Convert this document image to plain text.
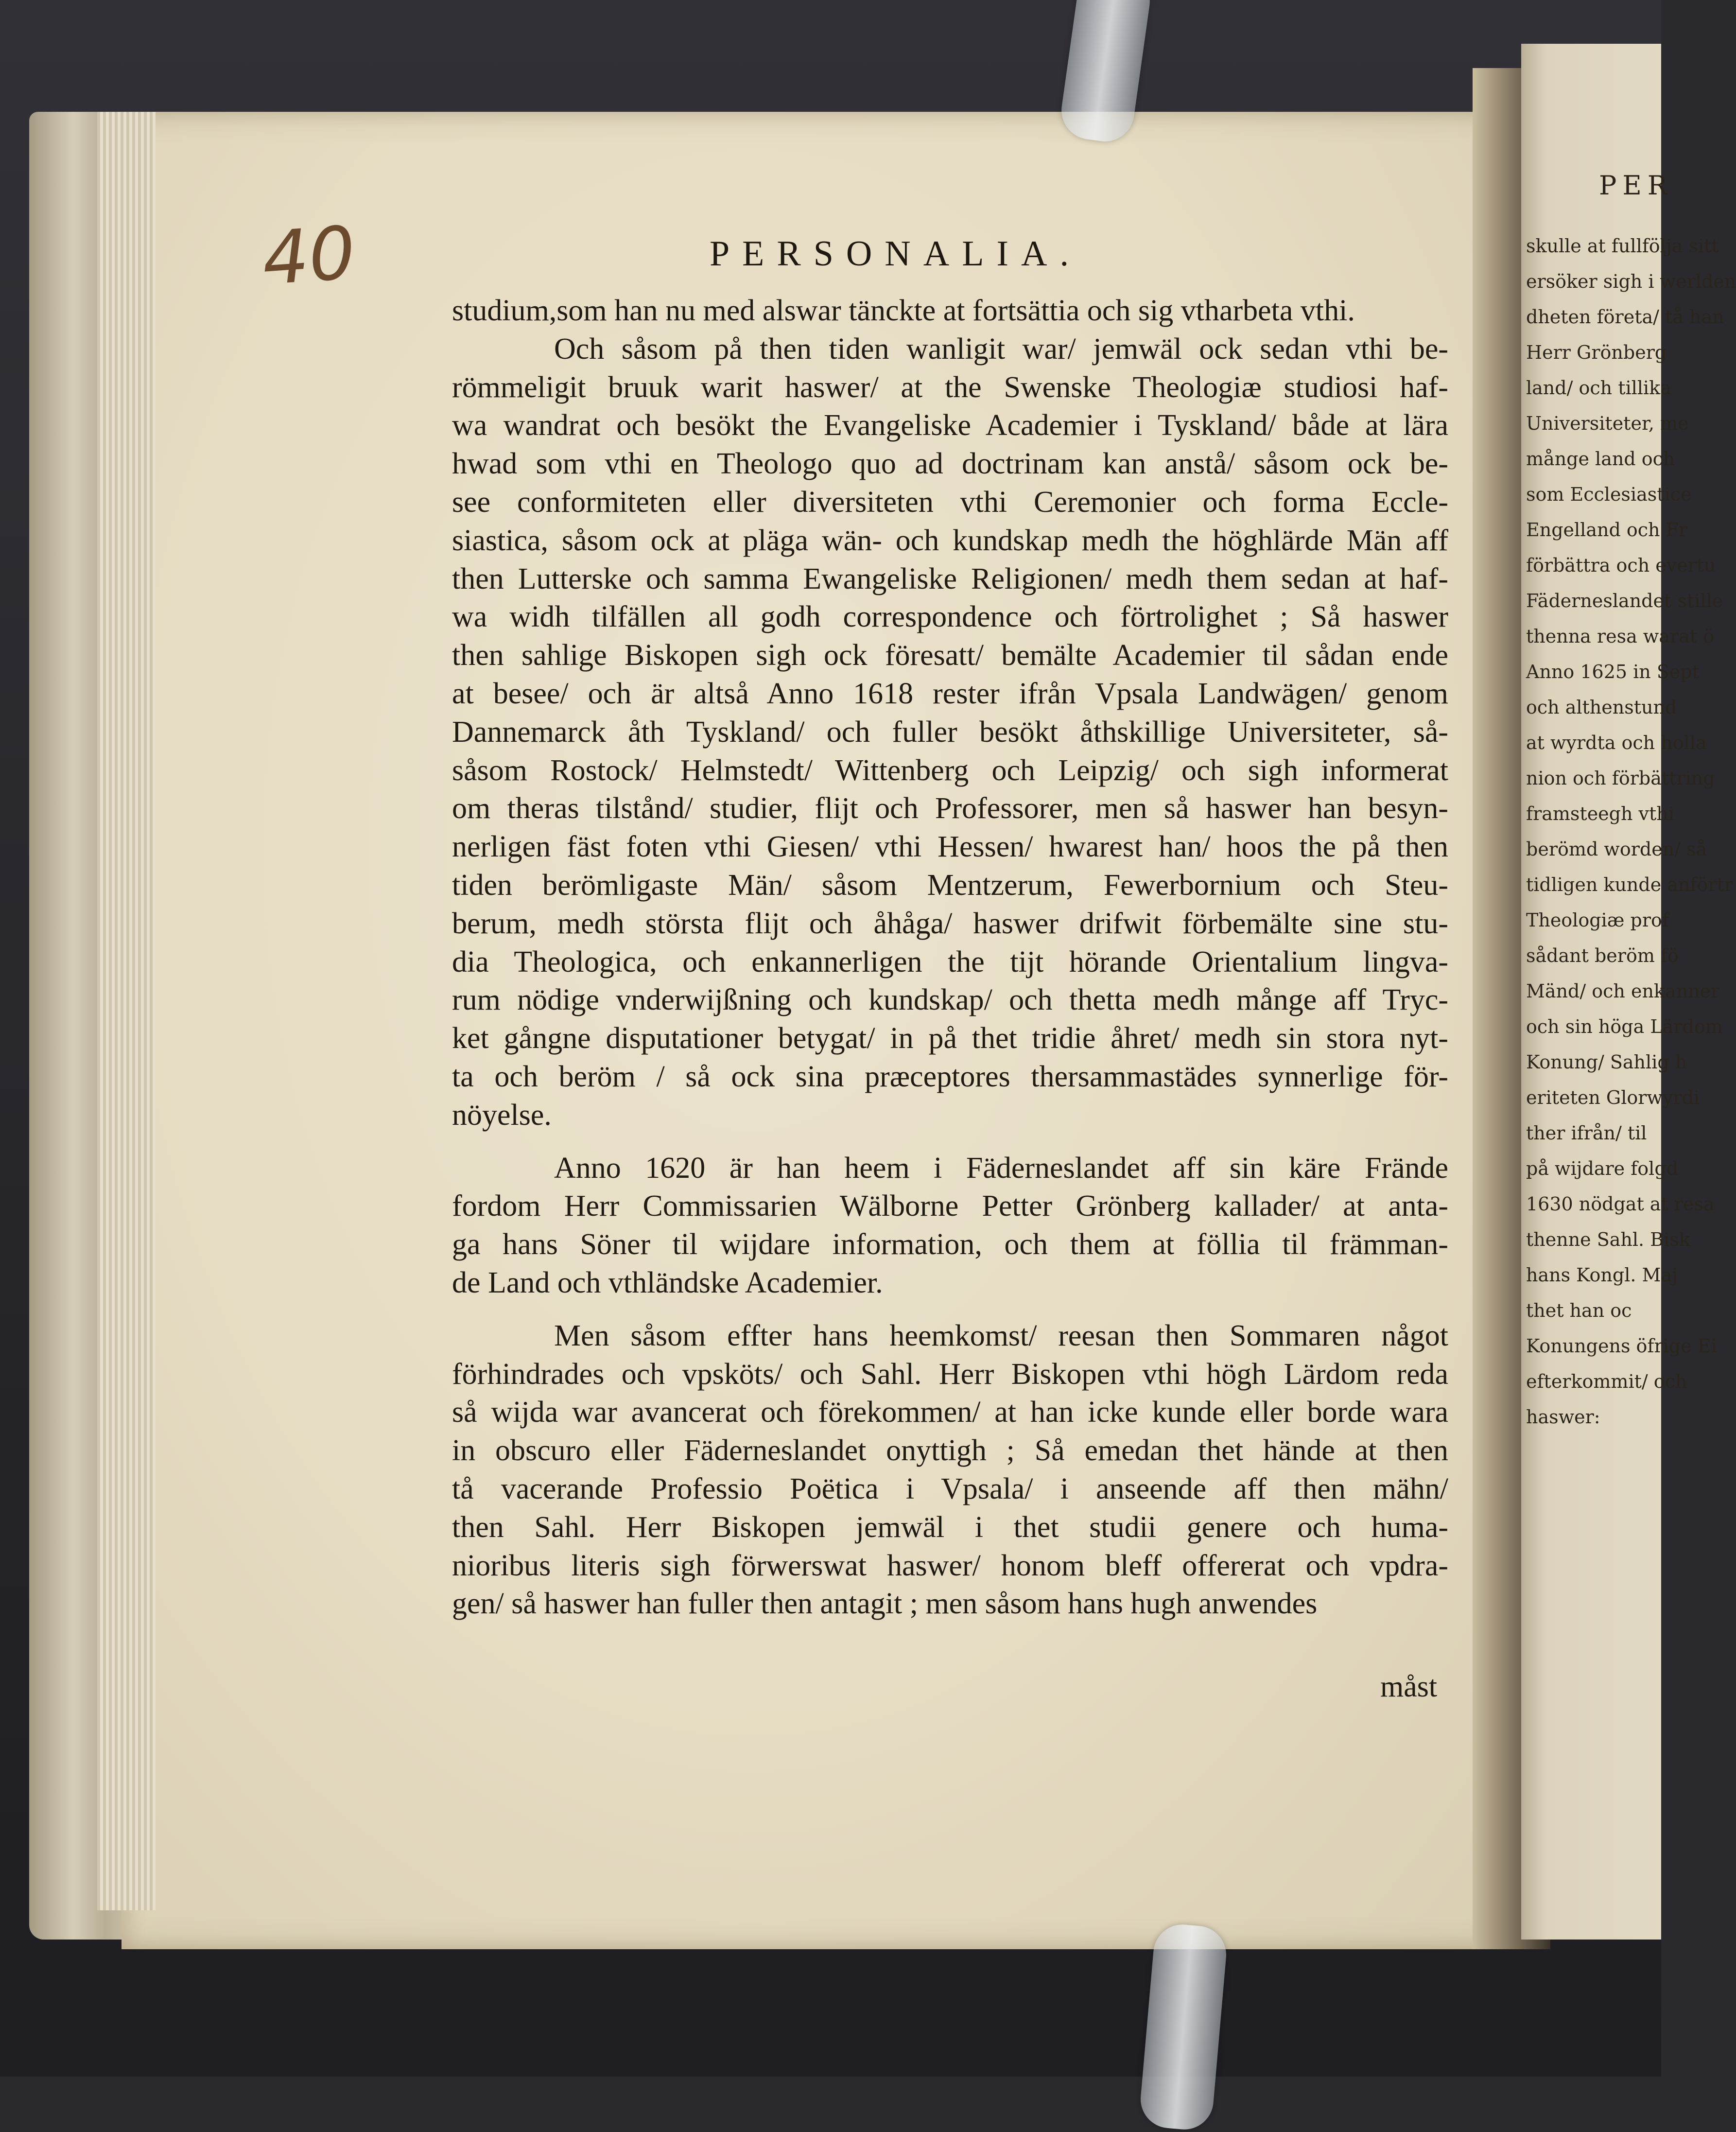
PER
skulle at fullfölja sitt
ersöker sigh i werlden
dheten företa/ tå han
Herr Grönberg
land/ och tillika
Universiteter, me
månge land och
som Ecclesiastice
Engelland och Fr
förbättra och evertu
Fäderneslandet stille
thenna resa warat ö
Anno 1625 in Sept
och althenstund
at wyrdta och holla
nion och förbättring
framsteegh vthi
berömd worden/ så
tidligen kunde anförtr
Theologiæ prof
sådant beröm fö
Mänd/ och enkanner
och sin höga Lärdom
Konung/ Sahlig h
eriteten Glorwyrdi
ther ifrån/ til
på wijdare folgd
1630 nödgat at resa
thenne Sahl. Bisk
hans Kongl. Maj
thet han oc
Konungens öfrige Ei
efterkommit/ och
haswer:
40	PERSONALIA.
studium,som han nu med alswar tänckte at fortsättia och sig vtharbeta vthi.
Och såsom på then tiden wanligit war/ jemwäl ock sedan vthi be-
römmeligit bruuk warit haswer/ at the Swenske Theologiæ studiosi haf-
wa wandrat och besökt the Evangeliske Academier i Tyskland/ både at lära
hwad som vthi en Theologo quo ad doctrinam kan anstå/ såsom ock be-
see conformiteten eller diversiteten vthi Ceremonier och forma Eccle-
siastica, såsom ock at pläga wän- och kundskap medh the höghlärde Män aff
then Lutterske och samma Ewangeliske Religionen/ medh them sedan at haf-
wa widh tilfällen all godh correspondence och förtrolighet ; Så haswer
then sahlige Biskopen sigh ock föresatt/ bemälte Academier til sådan ende
at besee/ och är altså Anno 1618 rester ifrån Vpsala Landwägen/ genom
Dannemarck åth Tyskland/ och fuller besökt åthskillige Universiteter, så-
såsom Rostock/ Helmstedt/ Wittenberg och Leipzig/ och sigh informerat
om theras tilstånd/ studier, flijt och Professorer, men så haswer han besyn-
nerligen fäst foten vthi Giesen/ vthi Hessen/ hwarest han/ hoos the på then
tiden berömligaste Män/ såsom Mentzerum, Fewerbornium och Steu-
berum, medh största flijt och åhåga/ haswer drifwit förbemälte sine stu-
dia Theologica, och enkannerligen the tijt hörande Orientalium lingva-
rum nödige vnderwijßning och kundskap/ och thetta medh månge aff Tryc-
ket gångne disputationer betygat/ in på thet tridie åhret/ medh sin stora nyt-
ta och beröm / så ock sina præceptores thersammastädes synnerlige för-
nöyelse.
Anno 1620 är han heem i Fäderneslandet aff sin käre Frände
fordom Herr Commissarien Wälborne Petter Grönberg kallader/ at anta-
ga hans Söner til wijdare information, och them at föllia til främman-
de Land och vthländske Academier.
Men såsom effter hans heemkomst/ reesan then Sommaren något
förhindrades och vpsköts/ och Sahl. Herr Biskopen vthi högh Lärdom reda
så wijda war avancerat och förekommen/ at han icke kunde eller borde wara
in obscuro eller Fäderneslandet onyttigh ; Så emedan thet hände at then
tå vacerande Professio Poëtica i Vpsala/ i anseende aff then mähn/
then Sahl. Herr Biskopen jemwäl i thet studii genere och huma-
nioribus literis sigh förwerswat haswer/ honom bleff offererat och vpdra-
gen/ så haswer han fuller then antagit ; men såsom hans hugh anwendes
måst
